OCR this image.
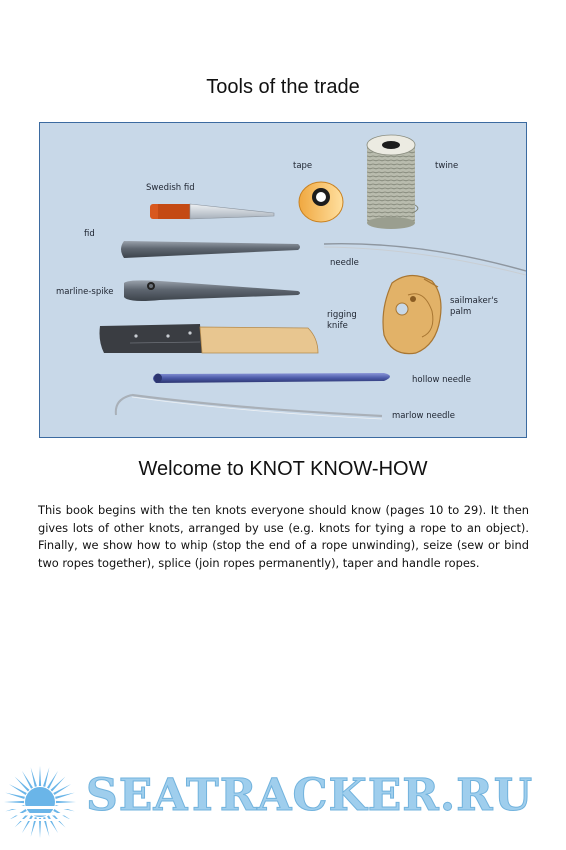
Tools of the trade
Swedish fid
tape	twine
fid
needle
marline-spike
rigging
knife
sailmaker's
palm
hollow needle
marlow needle
Welcome to KNOT KNOW-HOW
This book begins with the ten knots everyone should know (pages 10 to 29). It then gives lots of other knots, arranged by use (e.g. knots for tying a rope to an object). Finally, we show how to whip (stop the end of a rope unwinding), seize (sew or bind two ropes together), splice (join ropes permanently), taper and handle ropes.
SEATRACKER.RU
